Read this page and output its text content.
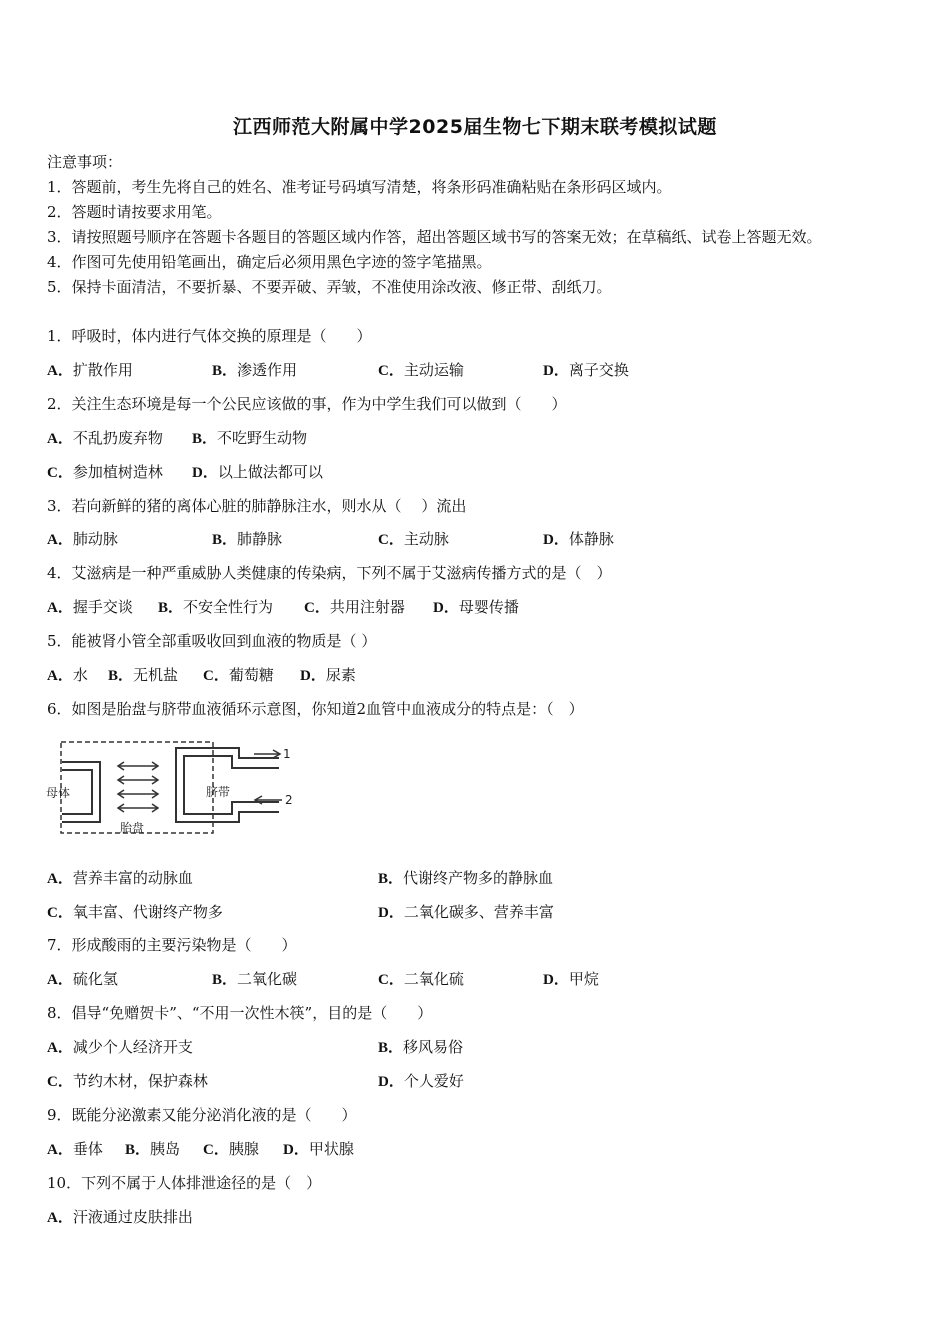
江西师范大附属中学2025届生物七下期末联考模拟试题
注意事项：
1．答题前，考生先将自己的姓名、准考证号码填写清楚，将条形码准确粘贴在条形码区域内。
2．答题时请按要求用笔。
3．请按照题号顺序在答题卡各题目的答题区域内作答，超出答题区域书写的答案无效；在草稿纸、试卷上答题无效。
4．作图可先使用铅笔画出，确定后必须用黑色字迹的签字笔描黑。
5．保持卡面清洁，不要折暴、不要弄破、弄皱，不准使用涂改液、修正带、刮纸刀。
1．呼吸时，体内进行气体交换的原理是（　　）
A．扩散作用	B．渗透作用	C．主动运输	D．离子交换
2．关注生态环境是每一个公民应该做的事，作为中学生我们可以做到（　　）
A．不乱扔废弃物 B．不吃野生动物
C．参加植树造林 D．以上做法都可以
3．若向新鲜的猪的离体心脏的肺静脉注水，则水从（　 ）流出
A．肺动脉	B．肺静脉	C．主动脉	D．体静脉
4．艾滋病是一种严重威胁人类健康的传染病，下列不属于艾滋病传播方式的是（　）
A．握手交谈 B．不安全性行为 C．共用注射器 D．母婴传播
5．能被肾小管全部重吸收回到血液的物质是（ ）
A．水 B．无机盐 C．葡萄糖 D．尿素
6．如图是胎盘与脐带血液循环示意图，你知道2血管中血液成分的特点是：（　）
母体
胎盘
脐带
1
2
A．营养丰富的动脉血	B．代谢终产物多的静脉血
C．氧丰富、代谢终产物多	D．二氧化碳多、营养丰富
7．形成酸雨的主要污染物是（　　）
A．硫化氢	B．二氧化碳	C．二氧化硫	D．甲烷
8．倡导“免赠贺卡”、“不用一次性木筷”，目的是（　　）
A．减少个人经济开支	B．移风易俗
C．节约木材，保护森林	D．个人爱好
9．既能分泌激素又能分泌消化液的是（　　）
A．垂体 B．胰岛 C．胰腺 D．甲状腺
10．下列不属于人体排泄途径的是（　）
A．汗液通过皮肤排出
